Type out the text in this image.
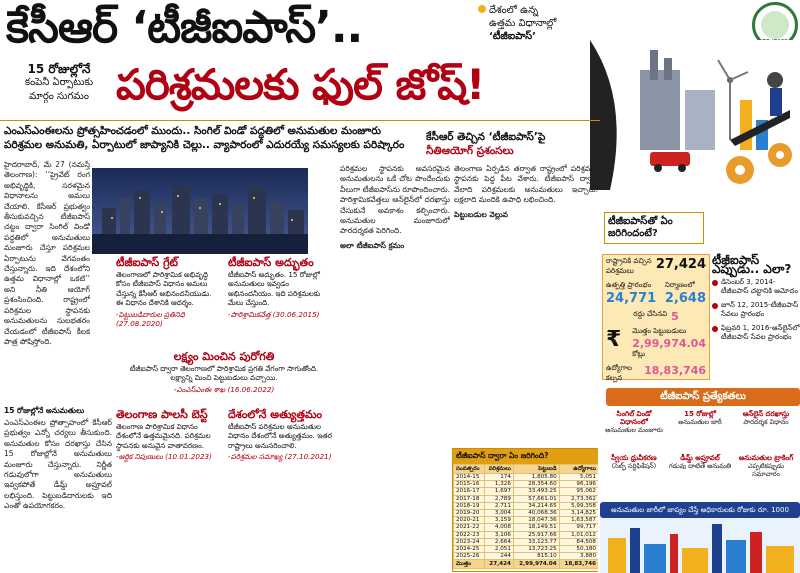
కేసీఆర్ ‘టీజీఐపాస్’..	దేశంలో ఉన్న
ఉత్తమ విధానాల్లో
‘టీజీఐపాస్’
15 రోజుల్లోనే
కంపెనీ ఏర్పాటుకు
మార్గం సుగమం పరిశ్రమలకు ఫుల్ జోష్!
ఎంఎస్ఎంఈలను ప్రోత్సహించడంలో ముందు.. సింగిల్ విండో పద్ధతిలో అనుమతుల మంజూరు
పరిశ్రమల అనుమతి, ఏర్పాటులో జాప్యానికి చెల్లు.. వ్యాపారంలో ఎదురయ్యే సమస్యలకు పరిష్కారం
కేసీఆర్ తెచ్చిన ‘టీజీఐపాస్’పై
నీతిఆయోగ్ ప్రశంసలు

హైదరాబాద్, మే 27 (నమస్తే తెలంగాణ): ‘‘ప్రైవేట్ రంగ అభివృద్ధికి, సరళమైన విధానాలను అమలు చేయాలి. కేసీఆర్ ప్రభుత్వం తీసుకువచ్చిన టీజీఐపాస్ చట్టం ద్వారా సింగిల్ విండో పద్ధతిలో అనుమతులు మంజూరు చేస్తూ పరిశ్రమల ఏర్పాటును వేగవంతం చేస్తున్నారు. ఇది దేశంలోని ఉత్తమ విధానాల్లో ఒకటి’’ అని నీతి ఆయోగ్ ప్రశంసించింది. రాష్ట్రంలో పరిశ్రమల స్థాపనకు అనుమతులను సులభతరం చేయడంలో టీజీఐపాస్ కీలక పాత్ర పోషిస్తోంది.

15 రోజుల్లోనే అనుమతులు

ఎంఎస్ఎంఈల ప్రోత్సాహంలో కేసీఆర్ ప్రభుత్వం ఎన్నో చర్యలు తీసుకుంది. అనుమతుల కోసం దరఖాస్తు చేసిన 15 రోజుల్లోనే అనుమతులు మంజూరు చేస్తున్నారు. నిర్ణీత గడువులోగా అనుమతులు ఇవ్వకపోతే డీమ్డ్ అప్రూవల్ లభిస్తుంది. పెట్టుబడిదారులకు ఇది ఎంతో ఉపయోగకరం.

టీజీఐపాస్ గ్రేట్
తెలంగాణలో పారిశ్రామిక అభివృద్ధి కోసం టీజీఐపాస్ విధానం అమలు చేస్తున్న కేసీఆర్ అభినందనీయుడు. ఈ విధానం దేశానికి ఆదర్శం.
-పెట్టుబడిదారుల ప్రతినిధి (27.08.2020)
టీజీఐపాస్ అద్భుతం
టీజీఐపాస్ అద్భుతం. 15 రోజుల్లో అనుమతులు ఇవ్వడం అభినందనీయం. ఇది పరిశ్రమలకు మేలు చేస్తుంది.
-పారిశ్రామికవేత్త (30.06.2015)
లక్ష్యం మించిన పురోగతి
టీజీఐపాస్ ద్వారా తెలంగాణలో పారిశ్రామిక ప్రగతి వేగంగా సాగుతోంది. లక్ష్యాన్ని మించి పెట్టుబడులు వచ్చాయి.
-ఎంఎస్ఎంఈ శాఖ (16.06.2022)
తెలంగాణ పాలసీ బెస్ట్
తెలంగాణ పారిశ్రామిక విధానం దేశంలోనే ఉత్తమమైనది. పరిశ్రమల స్థాపనకు అనువైన వాతావరణం.
-ఆర్థిక నిపుణులు (10.01.2023)
దేశంలోనే అత్యుత్తమం
టీజీఐపాస్ పరిశ్రమల అనుమతుల విధానం దేశంలోనే అత్యుత్తమం. ఇతర రాష్ట్రాలు అనుసరించాలి.
-పరిశ్రమల సమాఖ్య (27.10.2021)

పరిశ్రమల స్థాపనకు అవసరమైన అనుమతులను ఒకే చోట పొందేందుకు వీలుగా టీజీఐపాస్‌ను రూపొందించారు. పారిశ్రామికవేత్తలు ఆన్‌లైన్‌లో దరఖాస్తు చేసుకునే అవకాశం కల్పించారు. అనుమతుల మంజూరులో పారదర్శకత పెరిగింది.

అలా టీజీఐపాస్ క్రమం

తెలంగాణ ఏర్పడిన తర్వాత రాష్ట్రంలో పరిశ్రమల స్థాపనకు పెద్ద పీట వేశారు. టీజీఐపాస్ ద్వారా వేలాది పరిశ్రమలకు అనుమతులు ఇచ్చారు. లక్షలాది మందికి ఉపాధి లభించింది.

పెట్టుబడుల వెల్లువ

టీజీఐపాస్ ద్వారా ఏం జరిగింది?
సంవత్సరం	పరిశ్రమలు	పెట్టుబడి	ఉద్యోగాలు
2014-15	174	1,805.80	5,051
2015-16	1,326	28,354.60	96,196
2016-17	1,697	33,493.25	95,062
2017-18	2,789	57,661.01	2,73,362
2018-19	2,711	34,214.65	5,99,358
2019-20	3,004	40,068.36	3,14,825
2020-21	3,159	18,047.36	1,63,587
2021-22	4,008	18,149.51	99,717
2022-23	3,106	25,917.66	1,01,012
2023-24	2,664	33,123.77	84,508
2024-25	2,051	13,723.25	50,180
2025-26	244	815.10	3,880
మొత్తం	27,424	2,99,974.04	18,83,746
టీజీఐపాస్‌తో ఏం జరిగిందంటే?
రాష్ట్రానికి వచ్చిన పరిశ్రమలు	27,424
ఉత్పత్తి ప్రారంభం
24,771
నిర్మాణంలో
2,648
రద్దు చేసినవి 5
₹ మొత్తం పెట్టుబడులు
2,99,974.04
కోట్లు
ఉద్యోగాల కల్పన
18,83,746
టీజీఐపాస్ ఎప్పుడు.. ఎలా?
డిసెంబర్ 3, 2014- టీజీఐపాస్ చట్టానికి ఆమోదం
జూన్ 12, 2015-టీజీఐపాస్ సేవలు ప్రారంభం
ఫిబ్రవరి 1, 2016-ఆన్‌లైన్‌లో టీజీఐపాస్ సేవల ప్రారంభం
టీజీఐపాస్ ప్రత్యేకతలు
సింగిల్ విండో విధానంలో
అనుమతుల మంజూరు
15 రోజుల్లో
అనుమతుల జారీ
ఆన్‌లైన్ దరఖాస్తు
పారదర్శక విధానం
స్వీయ ధ్రువీకరణ
(సెల్ఫ్ సర్టిఫికేషన్)
డీమ్డ్ అప్రూవల్
గడువు దాటితే అనుమతి
అనుమతుల ట్రాకింగ్
ఎప్పటికప్పుడు సమాచారం
అనుమతుల జారీలో జాప్యం చేస్తే అధికారులకు రోజుకు రూ. 1000
